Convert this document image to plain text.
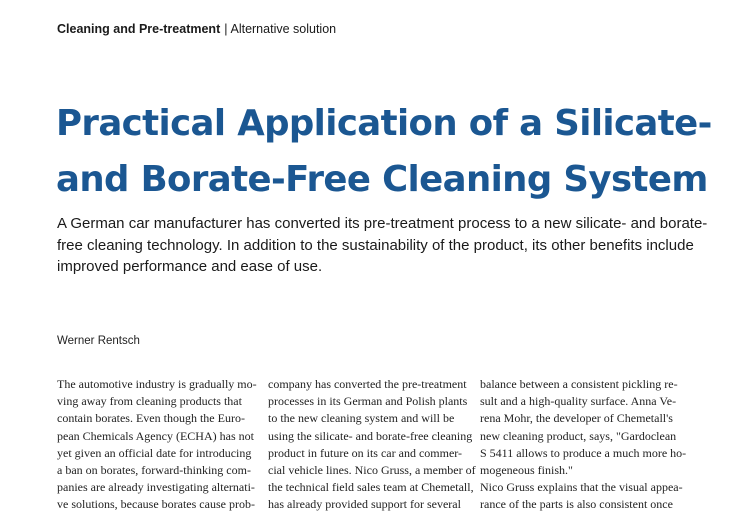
Cleaning and Pre-treatment | Alternative solution
Practical Application of a Silicate-
and Borate-Free Cleaning System

A German car manufacturer has converted its pre-treatment process to a new silicate- and borate-
free cleaning technology. In addition to the sustainability of the product, its other benefits include
improved performance and ease of use.

Werner Rentsch
The automotive industry is gradually mo-
ving away from cleaning products that
contain borates. Even though the Euro-
pean Chemicals Agency (ECHA) has not
yet given an official date for introducing
a ban on borates, forward-thinking com-
panies are already investigating alternati-
ve solutions, because borates cause prob-
company has converted the pre-treatment
processes in its German and Polish plants
to the new cleaning system and will be
using the silicate- and borate-free cleaning
product in future on its car and commer-
cial vehicle lines. Nico Gruss, a member of
the technical field sales team at Chemetall,
has already provided support for several
balance between a consistent pickling re-
sult and a high-quality surface. Anna Ve-
rena Mohr, the developer of Chemetall's
new cleaning product, says, "Gardoclean
S 5411 allows to produce a much more ho-
mogeneous finish."
Nico Gruss explains that the visual appea-
rance of the parts is also consistent once
